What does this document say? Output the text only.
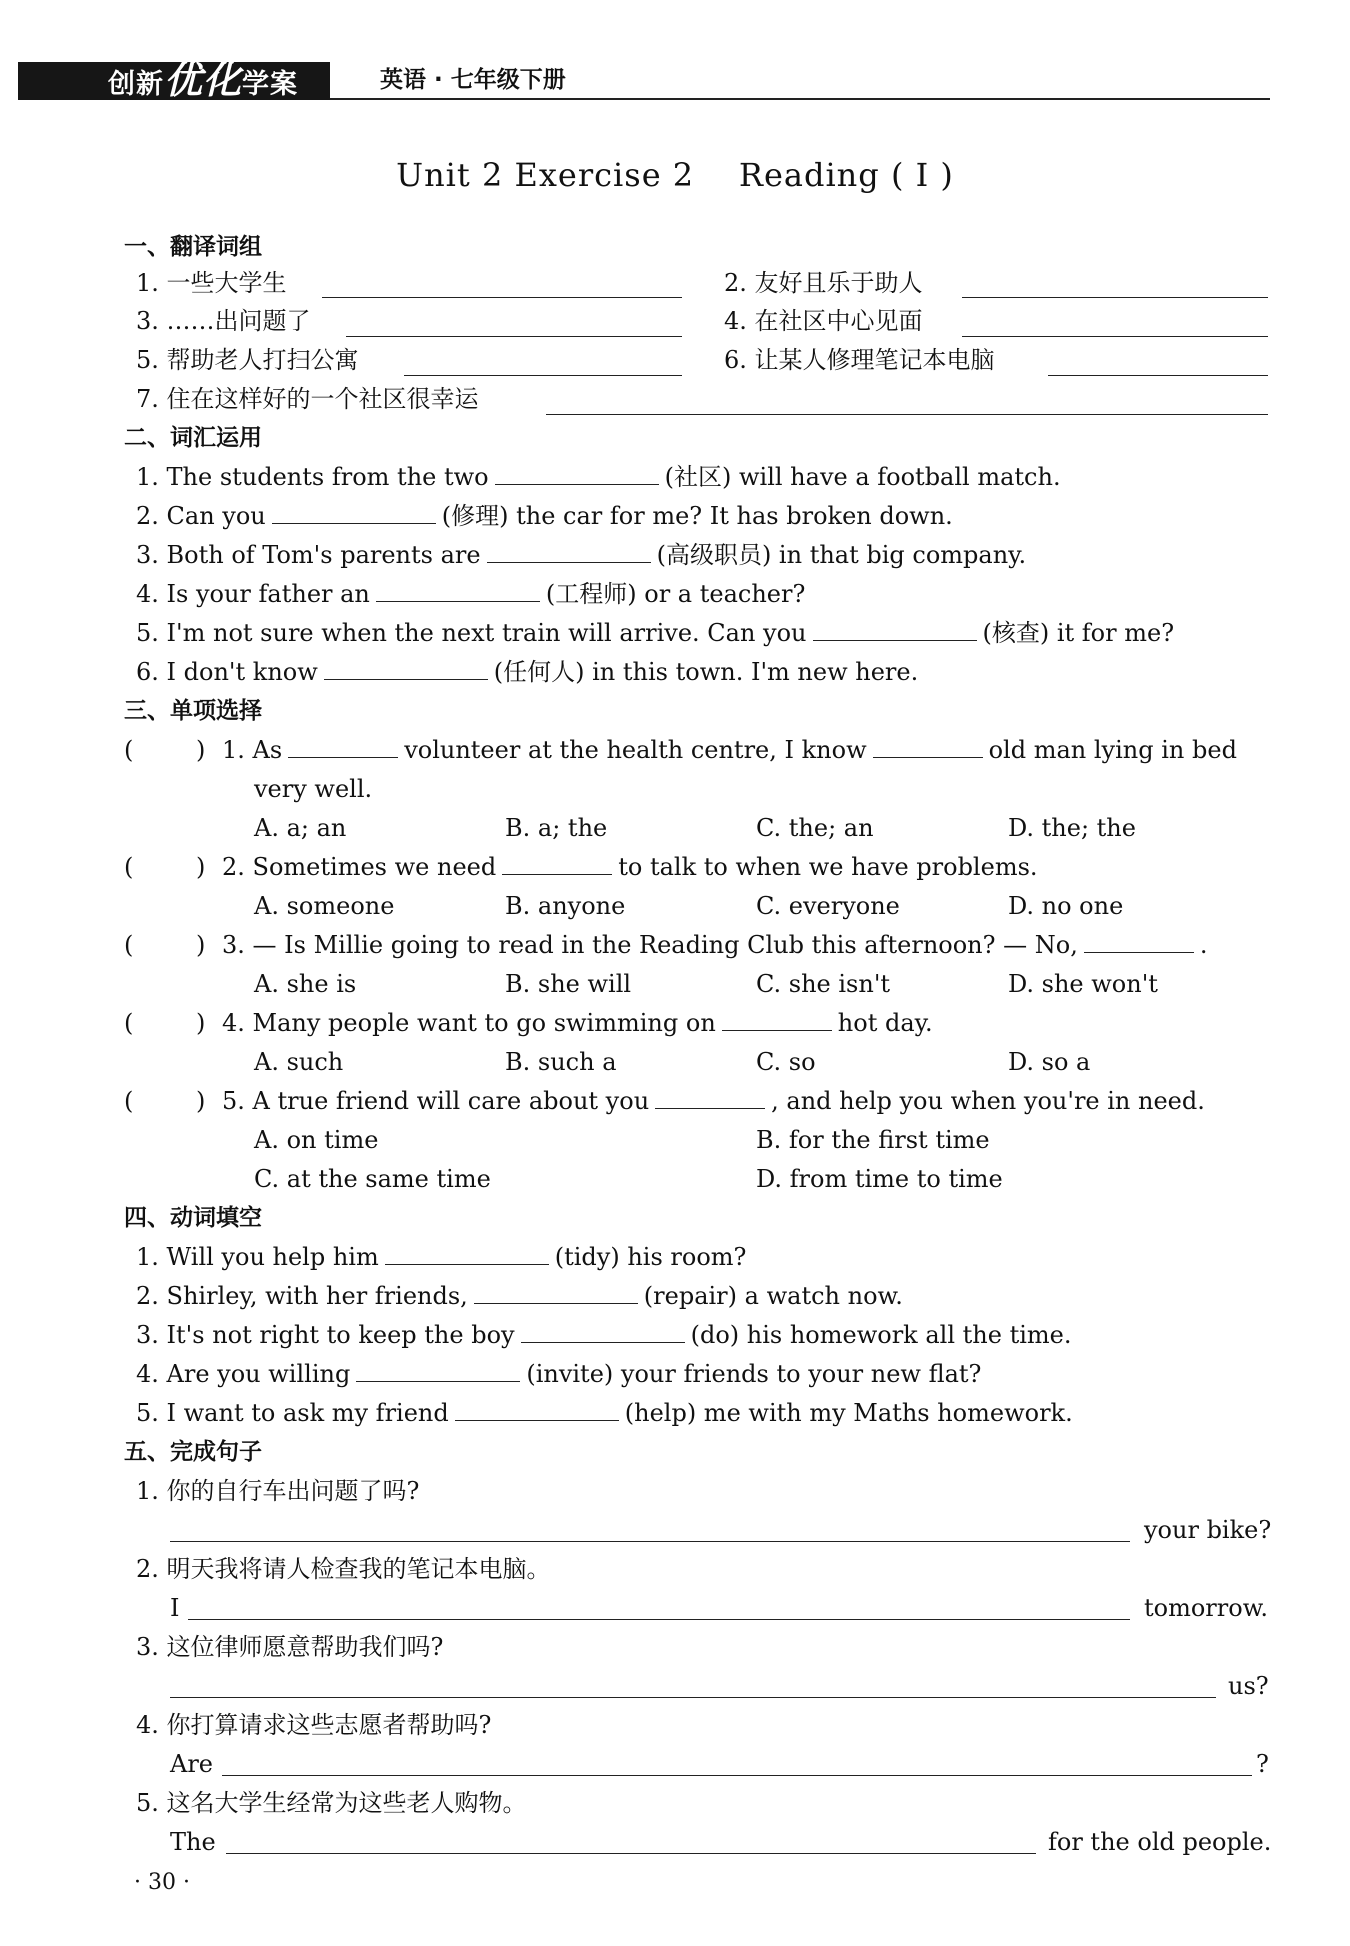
创新优化学案	英语 · 七年级下册
Unit 2 Exercise 2    Reading ( Ⅰ )
一、翻译词组
1. 一些大学生	2. 友好且乐于助人
3. ……出问题了	4. 在社区中心见面
5. 帮助老人打扫公寓	6. 让某人修理笔记本电脑
7. 住在这样好的一个社区很幸运
二、词汇运用
1. The students from the two	(社区) will have a football match.
2. Can you	(修理) the car for me? It has broken down.
3. Both of Tom's parents are	(高级职员) in that big company.
4. Is your father an	(工程师) or a teacher?
5. I'm not sure when the next train will arrive. Can you	(核查) it for me?
6. I don't know	(任何人) in this town. I'm new here.
三、单项选择
(	) 1. As	volunteer at the health centre, I know	old man lying in bed
very well.
A. a; an	B. a; the	C. the; an	D. the; the
(	) 2. Sometimes we need	to talk to when we have problems.
A. someone	B. anyone	C. everyone	D. no one
(	) 3. — Is Millie going to read in the Reading Club this afternoon? — No,	.
A. she is	B. she will	C. she isn't	D. she won't
(	) 4. Many people want to go swimming on	hot day.
A. such	B. such a	C. so	D. so a
(	) 5. A true friend will care about you	, and help you when you're in need.
A. on time	B. for the first time
C. at the same time	D. from time to time
四、动词填空
1. Will you help him	(tidy) his room?
2. Shirley, with her friends,	(repair) a watch now.
3. It's not right to keep the boy	(do) his homework all the time.
4. Are you willing	(invite) your friends to your new flat?
5. I want to ask my friend	(help) me with my Maths homework.
五、完成句子
1. 你的自行车出问题了吗?
your bike?
2. 明天我将请人检查我的笔记本电脑。
I	tomorrow.
3. 这位律师愿意帮助我们吗?
us?
4. 你打算请求这些志愿者帮助吗?
Are	?
5. 这名大学生经常为这些老人购物。
The	for the old people.
· 30 ·
